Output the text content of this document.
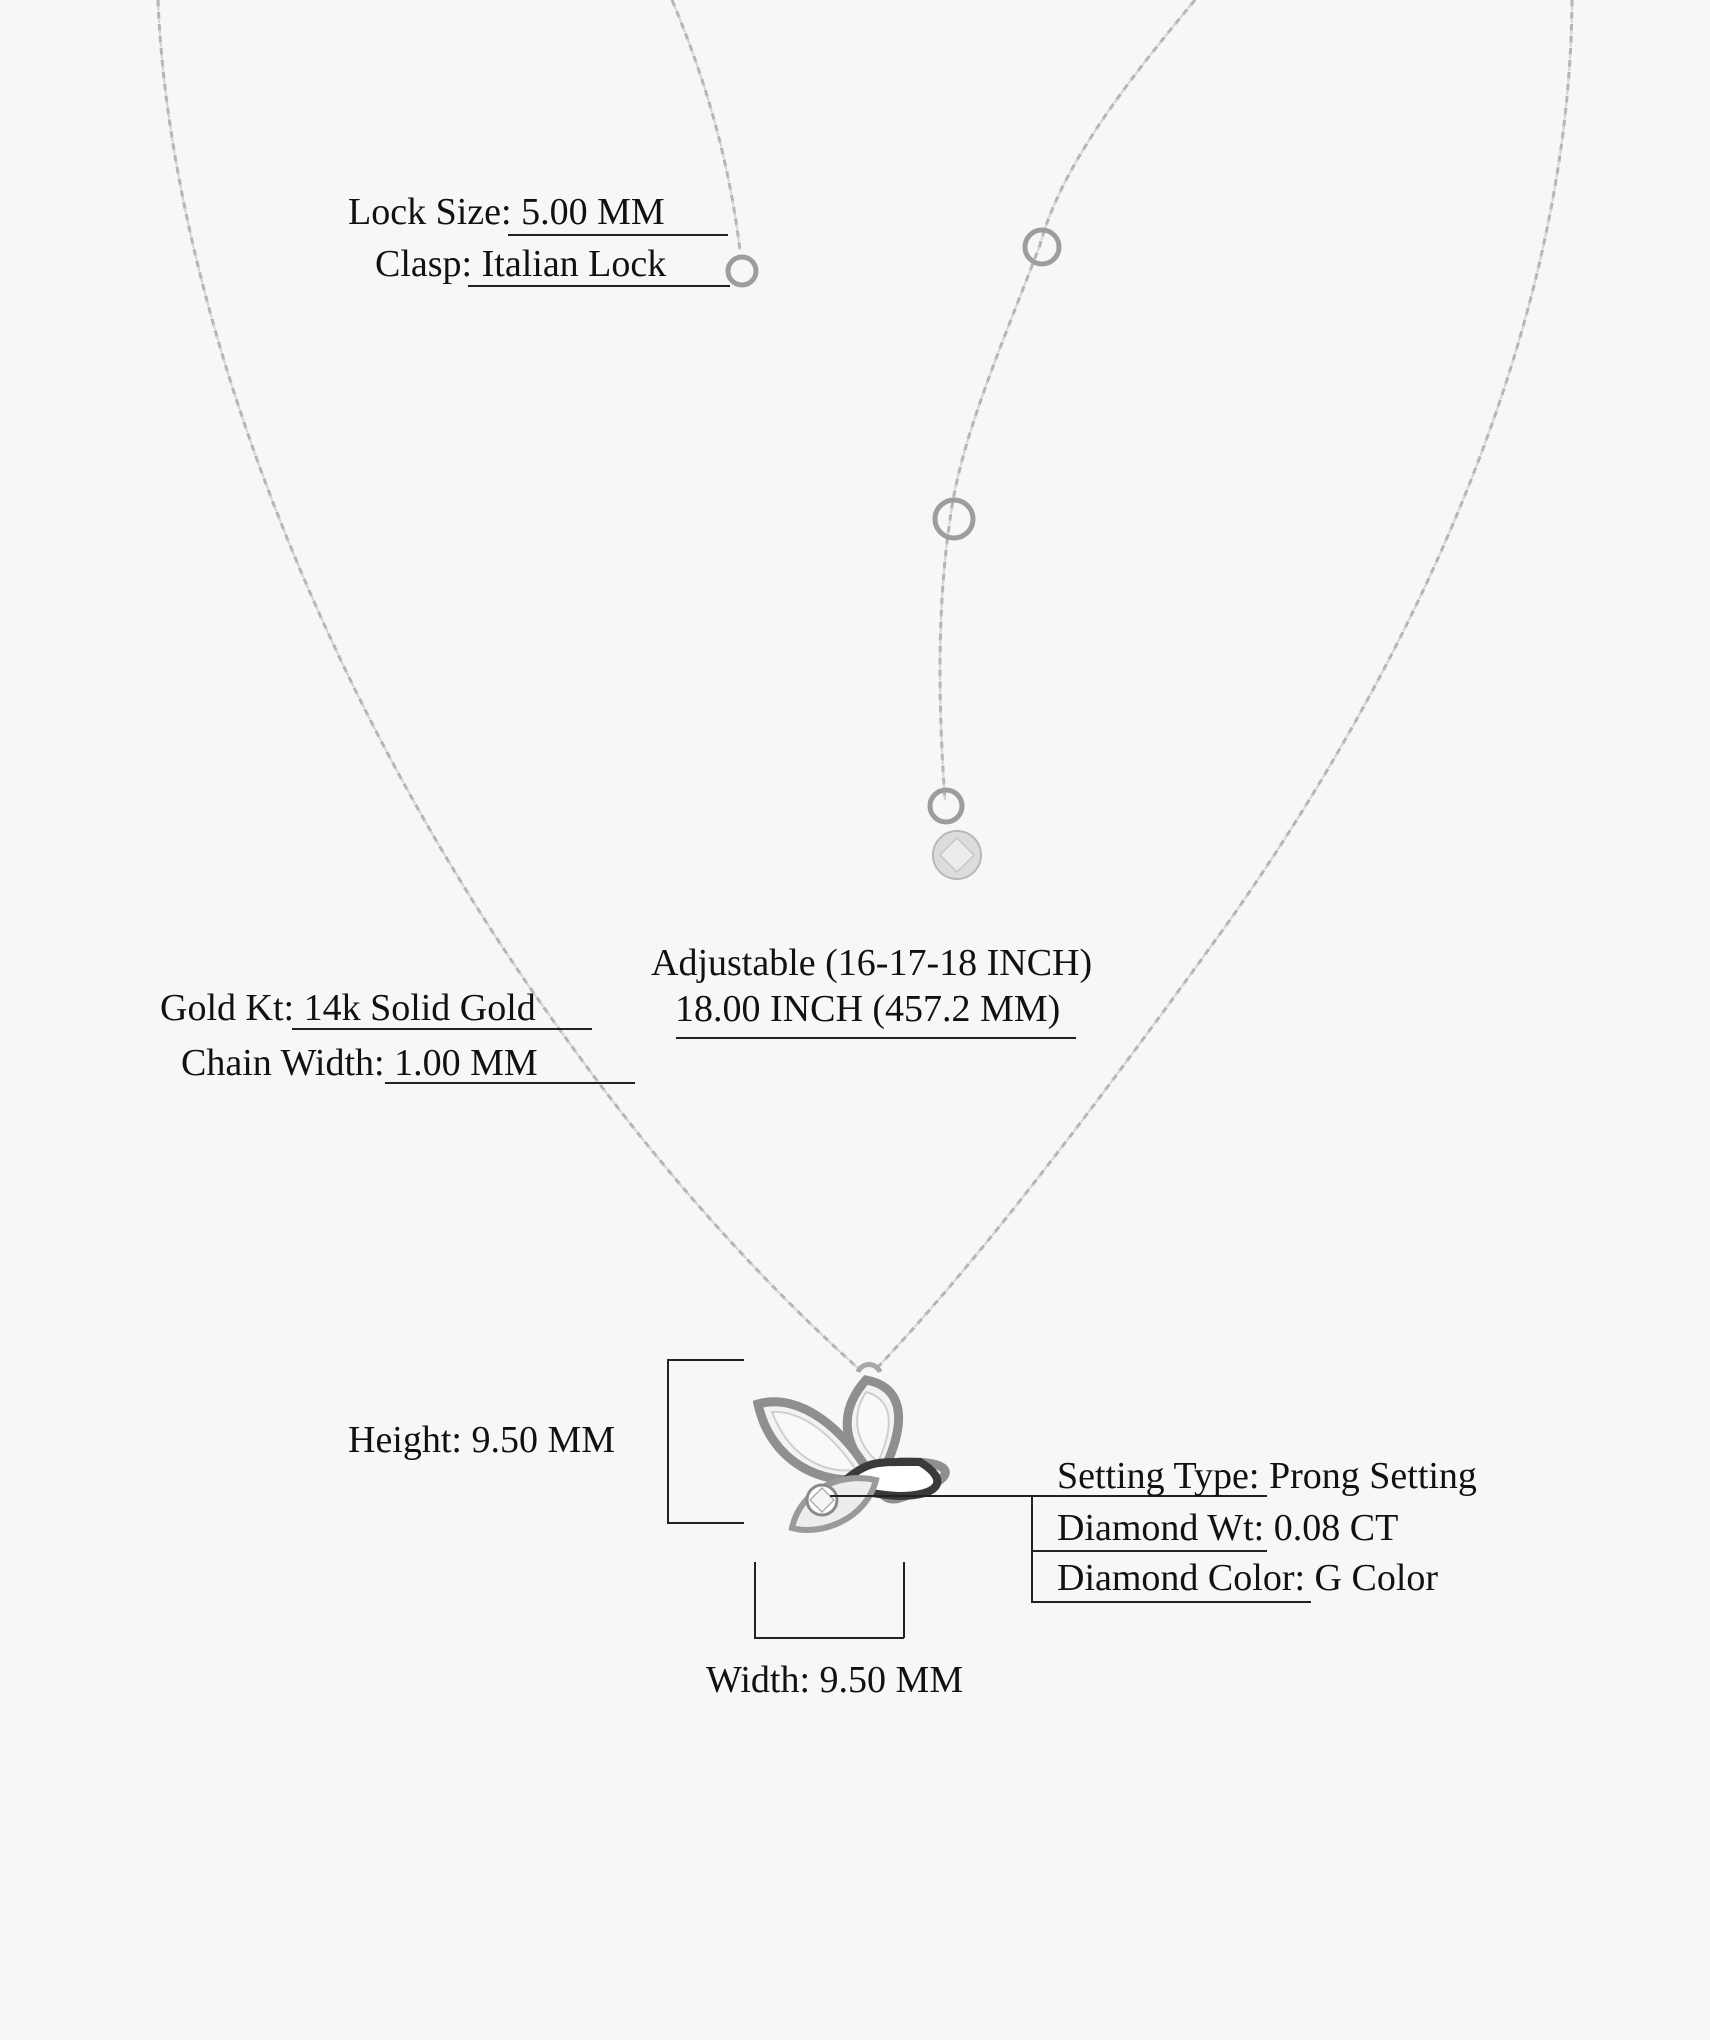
Lock Size: 5.00 MM
Clasp: Italian Lock
Adjustable (16-17-18 INCH)
18.00 INCH (457.2 MM)
Gold Kt: 14k Solid Gold
Chain Width: 1.00 MM
Height: 9.50 MM
Width: 9.50 MM
Setting Type: Prong Setting
Diamond Wt: 0.08 CT
Diamond Color: G Color
